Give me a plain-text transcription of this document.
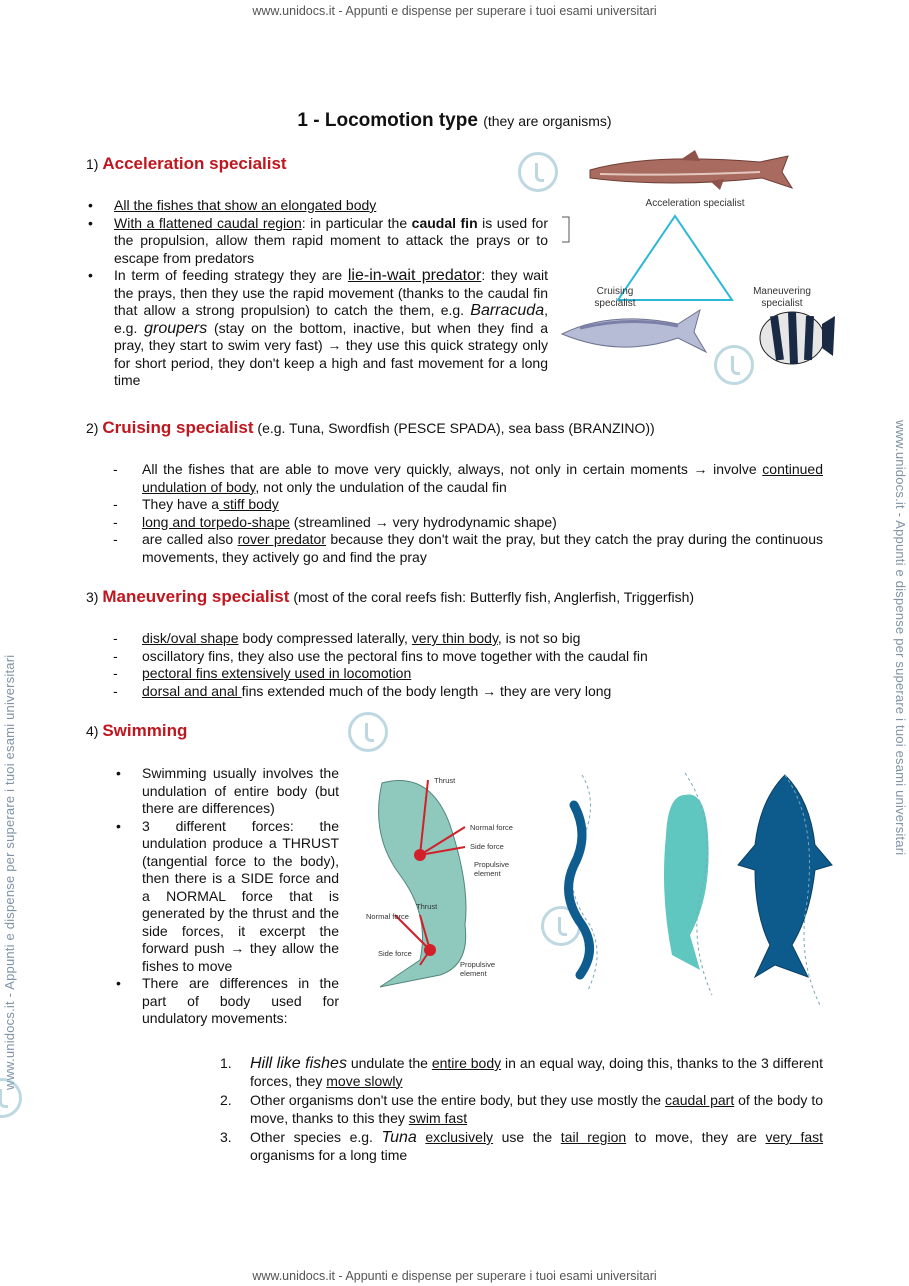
www.unidocs.it - Appunti e dispense per superare i tuoi esami universitari
www.unidocs.it - Appunti e dispense per superare i tuoi esami universitari
www.unidocs.it - Appunti e dispense per superare i tuoi esami universitari
www.unidocs.it - Appunti e dispense per superare i tuoi esami universitari
1 - Locomotion type (they are organisms)
1) Acceleration specialist
• All the fishes that show an elongated body
• With a flattened caudal region: in particular the caudal fin is used for the propulsion, allow them rapid moment to attack the prays or to escape from predators
• In term of feeding strategy they are lie-in-wait predator: they wait the prays, then they use the rapid movement (thanks to the caudal fin that allow a strong propulsion) to catch the them, e.g. Barracuda, e.g. groupers (stay on the bottom, inactive, but when they find a pray, they start to swim very fast) → they use this quick strategy only for short period, they don't keep a high and fast movement for a long time
Acceleration specialist
Cruising
specialist
Maneuvering
specialist
2) Cruising specialist (e.g. Tuna, Swordfish (PESCE SPADA), sea bass (BRANZINO))
- All the fishes that are able to move very quickly, always, not only in certain moments → involve continued undulation of body, not only the undulation of the caudal fin
- They have a stiff body
- long and torpedo-shape (streamlined → very hydrodynamic shape)
- are called also rover predator because they don't wait the pray, but they catch the pray during the continuous movements, they actively go and find the pray
3) Maneuvering specialist (most of the coral reefs fish: Butterfly fish, Anglerfish, Triggerfish)
- disk/oval shape body compressed laterally, very thin body, is not so big
- oscillatory fins, they also use the pectoral fins to move together with the caudal fin
- pectoral fins extensively used in locomotion
- dorsal and anal fins extended much of the body length → they are very long
4) Swimming
• Swimming usually involves the undulation of entire body (but there are differences)
• 3 different forces: the undulation produce a THRUST (tangential force to the body), then there is a SIDE force and a NORMAL force that is generated by the thrust and the side forces, it excerpt the forward push → they allow the fishes to move
• There are differences in the part of body used for undulatory movements:
Thrust
Normal force
Side force
Propulsive
element
Normal force
Thrust
Side force
Propulsive
element
1. Hill like fishes undulate the entire body in an equal way, doing this, thanks to the 3 different forces, they move slowly
2. Other organisms don't use the entire body, but they use mostly the caudal part of the body to move, thanks to this they swim fast
3. Other species e.g. Tuna exclusively use the tail region to move, they are very fast organisms for a long time
